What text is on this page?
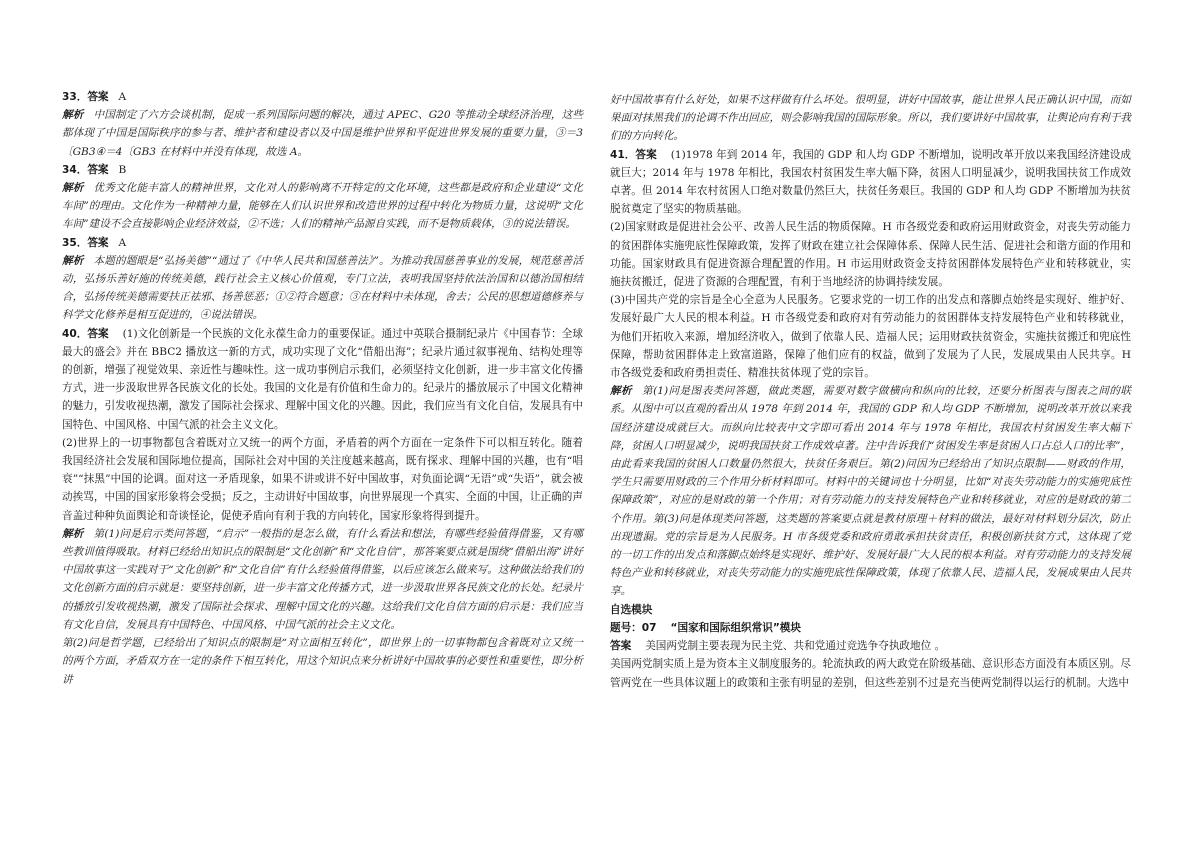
33．答案 A

解析 中国制定了六方会谈机制，促成一系列国际问题的解决，通过 APEC、G20 等推动全球经济治理，这些都体现了中国是国际秩序的参与者、维护者和建设者以及中国是维护世界和平促进世界发展的重要力量，③＝3〔GB3④＝4〔GB3 在材料中并没有体现，故选 A。

34．答案 B

解析 优秀文化能丰富人的精神世界，文化对人的影响离不开特定的文化环境，这些都是政府和企业建设“文化车间”的理由。文化作为一种精神力量，能够在人们认识世界和改造世界的过程中转化为物质力量，这说明“文化车间”建设不会直接影响企业经济效益，②不选；人们的精神产品源自实践，而不是物质载体，③的说法错误。

35．答案 A

解析 本题的题眼是“弘扬美德”“通过了《中华人民共和国慈善法》”。为推动我国慈善事业的发展，规范慈善活动，弘扬乐善好施的传统美德，践行社会主义核心价值观，专门立法，表明我国坚持依法治国和以德治国相结合，弘扬传统美德需要扶正祛邪、扬善惩恶；①②符合题意；③在材料中未体现，舍去；公民的思想道德修养与科学文化修养是相互促进的，④说法错误。

40．答案 (1)文化创新是一个民族的文化永葆生命力的重要保证。通过中英联合摄制纪录片《中国春节：全球最大的盛会》并在 BBC2 播放这一新的方式，成功实现了文化“借船出海”；纪录片通过叙事视角、结构处理等的创新，增强了视觉效果、亲近性与趣味性。这一成功事例启示我们，必须坚持文化创新，进一步丰富文化传播方式，进一步汲取世界各民族文化的长处。我国的文化是有价值和生命力的。纪录片的播放展示了中国文化精神的魅力，引发收视热潮，激发了国际社会探求、理解中国文化的兴趣。因此，我们应当有文化自信，发展具有中国特色、中国风格、中国气派的社会主义文化。

(2)世界上的一切事物都包含着既对立又统一的两个方面，矛盾着的两个方面在一定条件下可以相互转化。随着我国经济社会发展和国际地位提高，国际社会对中国的关注度越来越高，既有探求、理解中国的兴趣，也有“唱衰”“抹黑”中国的论调。面对这一矛盾现象，如果不讲或讲不好中国故事，对负面论调“无语”或“失语”，就会被动挨骂，中国的国家形象将会受损；反之，主动讲好中国故事，向世界展现一个真实、全面的中国，让正确的声音盖过种种负面舆论和奇谈怪论，促使矛盾向有利于我的方向转化，国家形象将得到提升。

解析 第(1)问是启示类问答题，“启示”一般指的是怎么做，有什么看法和想法，有哪些经验值得借鉴，又有哪些教训值得吸取。材料已经给出知识点的限制是“文化创新”和“文化自信”，那答案要点就是围绕“借船出海”讲好中国故事这一实践对于“文化创新”和“文化自信”有什么经验值得借鉴，以后应该怎么做来写。这种做法给我们的文化创新方面的启示就是：要坚持创新，进一步丰富文化传播方式，进一步汲取世界各民族文化的长处。纪录片的播放引发收视热潮，激发了国际社会探求、理解中国文化的兴趣。这给我们文化自信方面的启示是：我们应当有文化自信，发展具有中国特色、中国风格、中国气派的社会主义文化。

第(2)问是哲学题，已经给出了知识点的限制是“对立面相互转化”，即世界上的一切事物都包含着既对立又统一的两个方面，矛盾双方在一定的条件下相互转化，用这个知识点来分析讲好中国故事的必要性和重要性，即分析讲

好中国故事有什么好处，如果不这样做有什么坏处。很明显，讲好中国故事，能让世界人民正确认识中国，而如果面对抹黑我们的论调不作出回应，则会影响我国的国际形象。所以，我们要讲好中国故事，让舆论向有利于我们的方向转化。

41．答案 (1)1978 年到 2014 年，我国的 GDP 和人均 GDP 不断增加，说明改革开放以来我国经济建设成就巨大；2014 年与 1978 年相比，我国农村贫困发生率大幅下降，贫困人口明显减少，说明我国扶贫工作成效卓著。但 2014 年农村贫困人口绝对数量仍然巨大，扶贫任务艰巨。我国的 GDP 和人均 GDP 不断增加为扶贫脱贫奠定了坚实的物质基础。

(2)国家财政是促进社会公平、改善人民生活的物质保障。H 市各级党委和政府运用财政资金，对丧失劳动能力的贫困群体实施兜底性保障政策，发挥了财政在建立社会保障体系、保障人民生活、促进社会和谐方面的作用和功能。国家财政具有促进资源合理配置的作用。H 市运用财政资金支持贫困群体发展特色产业和转移就业，实施扶贫搬迁，促进了资源的合理配置，有利于当地经济的协调持续发展。

(3)中国共产党的宗旨是全心全意为人民服务。它要求党的一切工作的出发点和落脚点始终是实现好、维护好、发展好最广大人民的根本利益。H 市各级党委和政府对有劳动能力的贫困群体支持发展特色产业和转移就业，为他们开拓收入来源，增加经济收入，做到了依靠人民、造福人民；运用财政扶贫资金，实施扶贫搬迁和兜底性保障，帮助贫困群体走上致富道路，保障了他们应有的权益，做到了发展为了人民，发展成果由人民共享。H 市各级党委和政府勇担责任、精准扶贫体现了党的宗旨。

解析 第(1)问是图表类问答题，做此类题，需要对数字做横向和纵向的比较，还要分析图表与图表之间的联系。从图中可以直观的看出从 1978 年到 2014 年，我国的 GDP 和人均 GDP 不断增加，说明改革开放以来我国经济建设成就巨大。而纵向比较表中文字即可看出 2014 年与 1978 年相比，我国农村贫困发生率大幅下降，贫困人口明显减少，说明我国扶贫工作成效卓著。注中告诉我们“贫困发生率是贫困人口占总人口的比率”，由此看来我国的贫困人口数量仍然很大，扶贫任务艰巨。第(2)问因为已经给出了知识点限制——财政的作用，学生只需要用财政的三个作用分析材料即可。材料中的关键词也十分明显，比如“对丧失劳动能力的实施兜底性保障政策”，对应的是财政的第一个作用；对有劳动能力的支持发展特色产业和转移就业，对应的是财政的第二个作用。第(3)问是体现类问答题，这类题的答案要点就是教材原理＋材料的做法，最好对材料划分层次，防止出现遗漏。党的宗旨是为人民服务。H 市各级党委和政府勇敢承担扶贫责任，积极创新扶贫方式，这体现了党的一切工作的出发点和落脚点始终是实现好、维护好、发展好最广大人民的根本利益。对有劳动能力的支持发展特色产业和转移就业，对丧失劳动能力的实施兜底性保障政策，体现了依靠人民、造福人民，发展成果由人民共享。

自选模块

题号：07 “国家和国际组织常识”模块

答案 美国两党制主要表现为民主党、共和党通过竞选争夺执政地位 。

美国两党制实质上是为资本主义制度服务的。轮流执政的两大政党在阶级基础、意识形态方面没有本质区别。尽管两党在一些具体议题上的政策和主张有明显的差别，但这些差别不过是充当使两党制得以运行的机制。大选中
